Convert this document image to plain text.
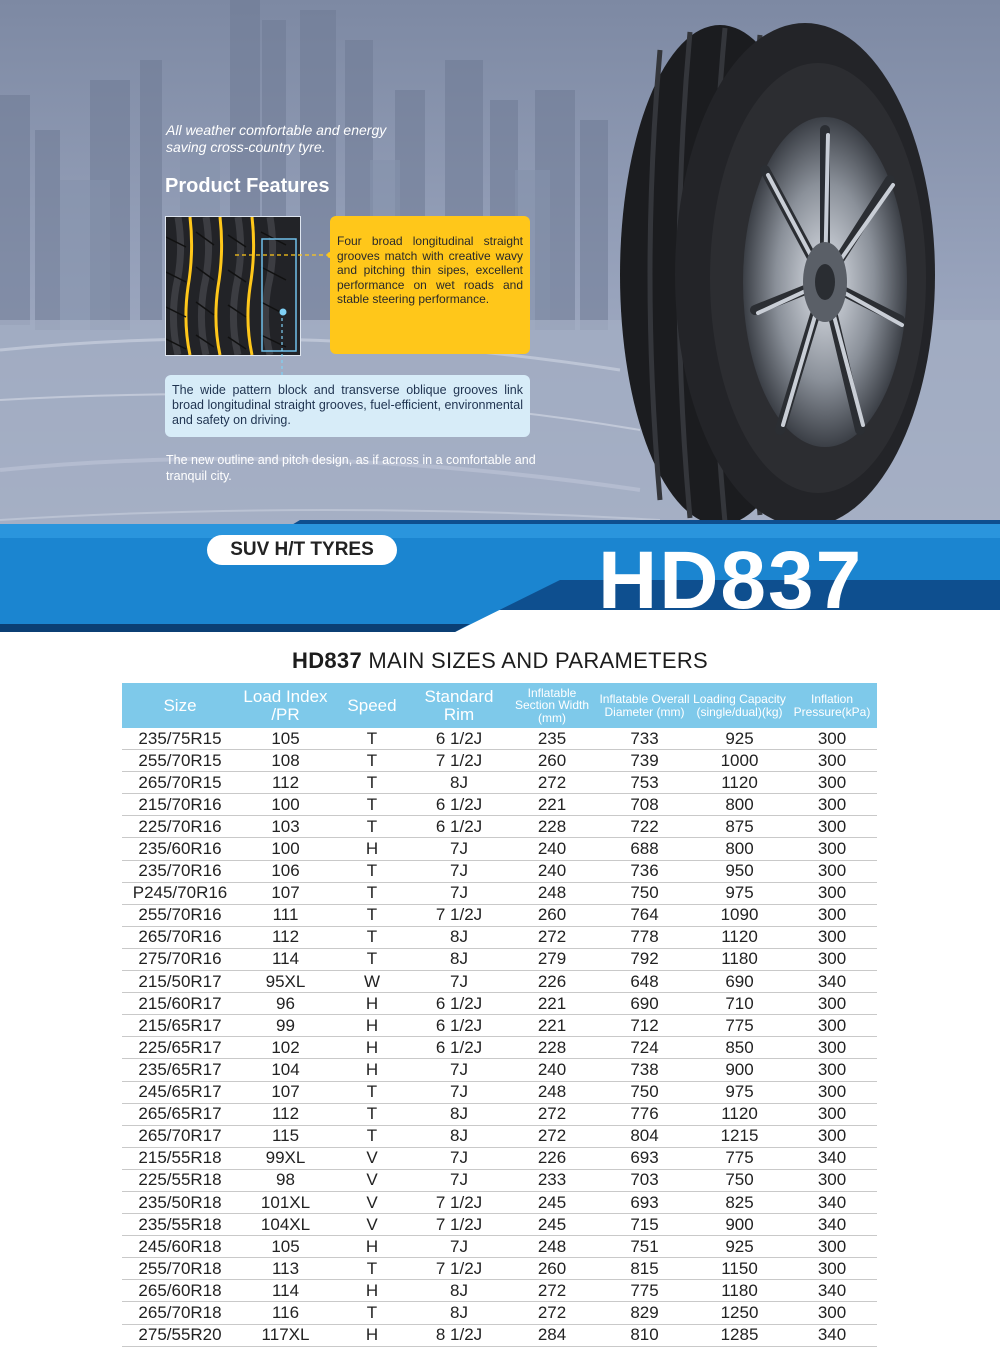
All weather comfortable and energy saving cross-country tyre.
Product Features
Four broad longitudinal straight grooves match with creative wavy and pitching thin sipes, excellent performance on wet roads and stable steering performance.
The wide pattern block and transverse oblique grooves link broad longitudinal straight grooves, fuel-efficient, environmental and safety on driving.
The new outline and pitch design, as if across in a comfortable and tranquil city.
SUV H/T TYRES	HD837
HD837 MAIN SIZES AND PARAMETERS
Size	Load Index /PR	Speed	Standard Rim	Inflatable Section Width (mm)	Inflatable Overall Diameter (mm)	Loading Capacity (single/dual)(kg)	Inflation Pressure(kPa)
235/75R15	105	T	6 1/2J	235	733	925	300
255/70R15	108	T	7 1/2J	260	739	1000	300
265/70R15	112	T	8J	272	753	1120	300
215/70R16	100	T	6 1/2J	221	708	800	300
225/70R16	103	T	6 1/2J	228	722	875	300
235/60R16	100	H	7J	240	688	800	300
235/70R16	106	T	7J	240	736	950	300
P245/70R16	107	T	7J	248	750	975	300
255/70R16	111	T	7 1/2J	260	764	1090	300
265/70R16	112	T	8J	272	778	1120	300
275/70R16	114	T	8J	279	792	1180	300
215/50R17	95XL	W	7J	226	648	690	340
215/60R17	96	H	6 1/2J	221	690	710	300
215/65R17	99	H	6 1/2J	221	712	775	300
225/65R17	102	H	6 1/2J	228	724	850	300
235/65R17	104	H	7J	240	738	900	300
245/65R17	107	T	7J	248	750	975	300
265/65R17	112	T	8J	272	776	1120	300
265/70R17	115	T	8J	272	804	1215	300
215/55R18	99XL	V	7J	226	693	775	340
225/55R18	98	V	7J	233	703	750	300
235/50R18	101XL	V	7 1/2J	245	693	825	340
235/55R18	104XL	V	7 1/2J	245	715	900	340
245/60R18	105	H	7J	248	751	925	300
255/70R18	113	T	7 1/2J	260	815	1150	300
265/60R18	114	H	8J	272	775	1180	340
265/70R18	116	T	8J	272	829	1250	300
275/55R20	117XL	H	8 1/2J	284	810	1285	340
